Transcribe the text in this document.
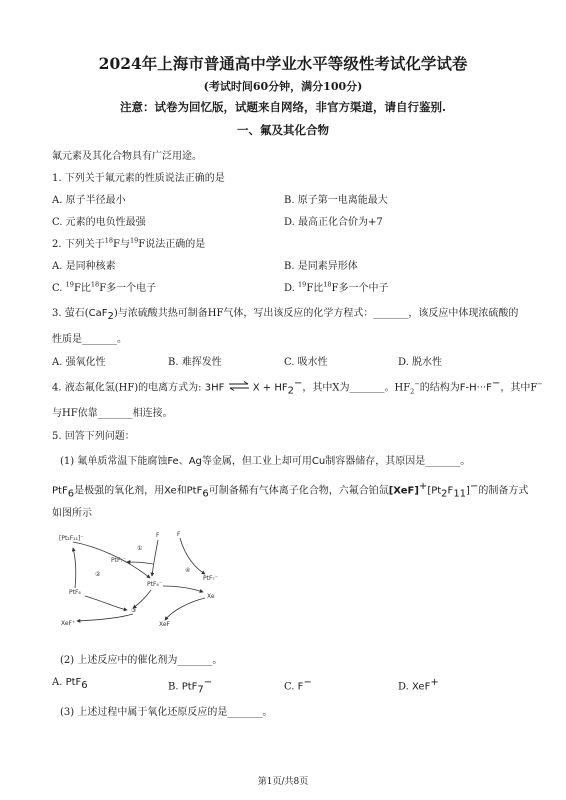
2024年上海市普通高中学业水平等级性考试化学试卷
(考试时间60分钟，满分100分)
注意：试卷为回忆版，试题来自网络，非官方渠道，请自行鉴别.
一、氟及其化合物
氟元素及其化合物具有广泛用途。
1. 下列关于氟元素的性质说法正确的是
A. 原子半径最小	B. 原子第一电离能最大
C. 元素的电负性最强	D. 最高正化合价为+7
2. 下列关于$^{18}$F与$^{19}$F说法正确的是
A. 是同种核素	B. 是同素异形体
C. $^{19}$F比$^{18}$F多一个电子	D. $^{19}$F比$^{18}$F多一个中子
3. 萤石(CaF$_2$)与浓硫酸共热可制备HF气体，写出该反应的化学方程式：_______，该反应中体现浓硫酸的
性质是_______。
A. 强氧化性	B. 难挥发性	C. 吸水性	D. 脱水性
4. 液态氟化氢(HF)的电离方式为: 3HF ⇌ $X + HF_2^-$，其中X为_______。$HF_2^-$的结构为F-H···F−，其中F−
与HF依靠_______相连接。
5. 回答下列问题：
(1) 氟单质常温下能腐蚀Fe、Ag等金属，但工业上却可用Cu制容器储存，其原因是_______。
PtF$_6$是极强的氧化剂，用Xe和PtF$_6$可制备稀有气体离子化合物，六氟合铂氙$[XeF]^+[Pt_2F_{11}]^-$的制备方式
如图所示
[Pt₂F₁₁]⁻	F	F
PtF₇⁻
PtF₇⁻
PtF₆
PtF₆⁻
Xe
XeF⁺	XeF
②
①
③
④
(2) 上述反应中的催化剂为_______。
A. PtF$_6$	B. PtF$_7$−	C. F−	D. XeF+
(3) 上述过程中属于氧化还原反应的是_______。
第1页/共8页
